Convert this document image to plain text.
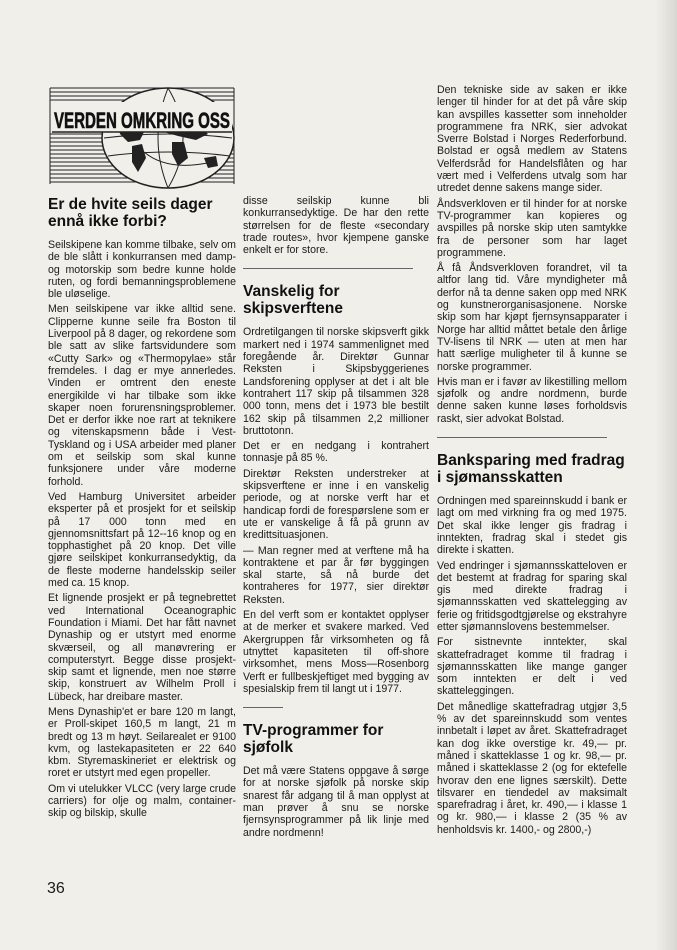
VERDEN OMKRING OSS
Er de hvite seils dager ennå ikke forbi?

Seilskipene kan komme tilbake, selv om de ble slått i konkurransen med damp- og motorskip som bedre kunne holde ruten, og fordi bemanningsproblemene ble uløselige.

Men seilskipene var ikke alltid sene. Clipperne kunne seile fra Boston til Liverpool på 8 dager, og rekordene som ble satt av slike fartsvidundere som «Cutty Sark» og «Thermopylae» står fremdeles. I dag er mye annerledes. Vinden er omtrent den eneste energikilde vi har tilbake som ikke skaper noen forurensningsproblemer. Det er derfor ikke noe rart at teknikere og vitenskapsmenn både i Vest-Tyskland og i USA arbeider med planer om et seilskip som skal kunne funksjonere under våre moderne forhold.

Ved Hamburg Universitet arbeider eksperter på et prosjekt for et seilskip på 17 000 tonn med en gjennomsnittsfart på 12--16 knop og en topphastighet på 20 knop. Det ville gjøre seilskipet konkurransedyktig, da de fleste moderne handelsskip seiler med ca. 15 knop.

Et lignende prosjekt er på tegnebrettet ved International Oceanographic Foundation i Miami. Det har fått navnet Dynaship og er utstyrt med enorme skværseil, og all manøvrering er computerstyrt. Begge disse prosjekt-skip samt et lignende, men noe større skip, konstruert av Wilhelm Proll i Lübeck, har dreibare master.

Mens Dynaship'et er bare 120 m langt, er Proll-skipet 160,5 m langt, 21 m bredt og 13 m høyt. Seilarealet er 9100 kvm, og lastekapasiteten er 22 640 kbm. Styremaskineriet er elektrisk og roret er utstyrt med egen propeller.

Om vi utelukker VLCC (very large crude carriers) for olje og malm, container-skip og bilskip, skulle

disse seilskip kunne bli konkurransedyktige. De har den rette størrelsen for de fleste «secondary trade routes», hvor kjempene ganske enkelt er for store.

Vanskelig for skipsverftene

Ordretilgangen til norske skipsverft gikk markert ned i 1974 sammenlignet med foregående år. Direktør Gunnar Reksten i Skipsbyggerienes Landsforening opplyser at det i alt ble kontrahert 117 skip på tilsammen 328 000 tonn, mens det i 1973 ble bestilt 162 skip på tilsammen 2,2 millioner bruttotonn.

Det er en nedgang i kontrahert tonnasje på 85 %.

Direktør Reksten understreker at skipsverftene er inne i en vanskelig periode, og at norske verft har et handicap fordi de forespørslene som er ute er vanskelige å få på grunn av kredittsituasjonen.

— Man regner med at verftene må ha kontraktene et par år før byggingen skal starte, så nå burde det kontraheres for 1977, sier direktør Reksten.

En del verft som er kontaktet opplyser at de merker et svakere marked. Ved Akergruppen får virksomheten og få utnyttet kapasiteten til off-shore virksomhet, mens Moss—Rosenborg Verft er fullbeskjeftiget med bygging av spesialskip frem til langt ut i 1977.

TV-programmer for sjøfolk

Det må være Statens oppgave å sørge for at norske sjøfolk på norske skip snarest får adgang til å man opplyst at man prøver å snu se norske fjernsynsprogrammer på lik linje med andre nordmenn!

Den tekniske side av saken er ikke lenger til hinder for at det på våre skip kan avspilles kassetter som inneholder programmene fra NRK, sier advokat Sverre Bolstad i Norges Rederforbund. Bolstad er også medlem av Statens Velferdsråd for Handelsflåten og har vært med i Velferdens utvalg som har utredet denne sakens mange sider.

Åndsverkloven er til hinder for at norske TV-programmer kan kopieres og avspilles på norske skip uten samtykke fra de personer som har laget programmene.

Å få Åndsverkloven forandret, vil ta altfor lang tid. Våre myndigheter må derfor nå ta denne saken opp med NRK og kunstnerorganisasjonene. Norske skip som har kjøpt fjernsynsapparater i Norge har alltid måttet betale den årlige TV-lisens til NRK — uten at men har hatt særlige muligheter til å kunne se norske programmer.

Hvis man er i favør av likestilling mellom sjøfolk og andre nordmenn, burde denne saken kunne løses forholdsvis raskt, sier advokat Bolstad.

Banksparing med fradrag i sjømansskatten

Ordningen med spareinnskudd i bank er lagt om med virkning fra og med 1975. Det skal ikke lenger gis fradrag i inntekten, fradrag skal i stedet gis direkte i skatten.

Ved endringer i sjømannsskatteloven er det bestemt at fradrag for sparing skal gis med direkte fradrag i sjømannsskatten ved skattelegging av ferie og fritidsgodtgjørelse og ekstrahyre etter sjømannslovens bestemmelser.

For sistnevnte inntekter, skal skattefradraget komme til fradrag i sjømannsskatten like mange ganger som inntekten er delt i ved skatteleggingen.

Det månedlige skattefradrag utgjør 3,5 % av det spareinnskudd som ventes innbetalt i løpet av året. Skattefradraget kan dog ikke overstige kr. 49,— pr. måned i skatteklasse 1 og kr. 98,— pr. måned i skatteklasse 2 (og for ektefelle hvorav den ene lignes særskilt). Dette tilsvarer en tiendedel av maksimalt sparefradrag i året, kr. 490,— i klasse 1 og kr. 980,— i klasse 2 (35 % av henholdsvis kr. 1400,- og 2800,-)

36
